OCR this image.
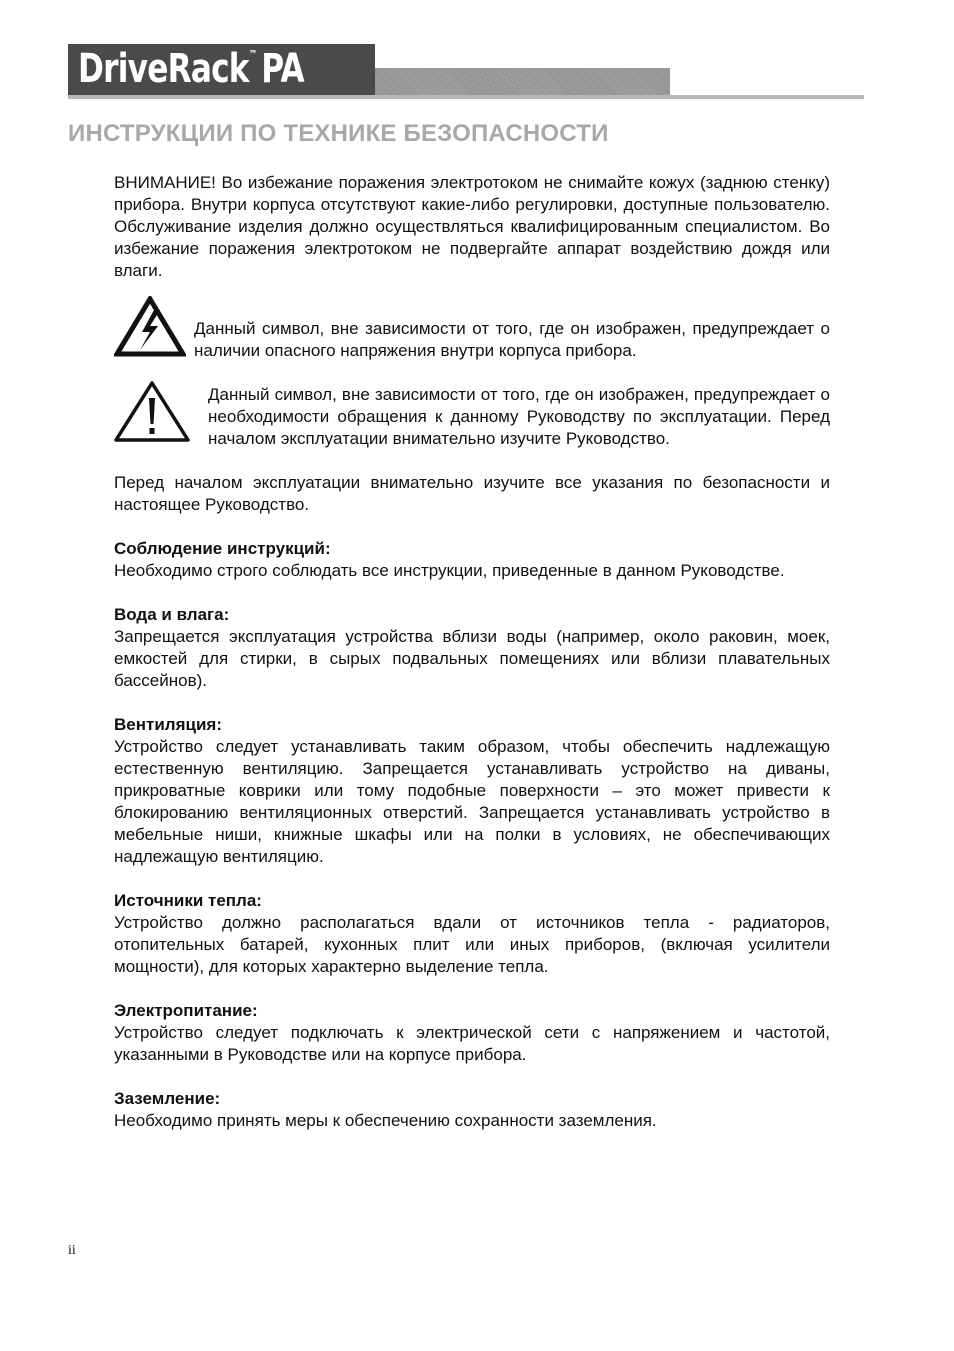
DriveRack™ PA
ИНСТРУКЦИИ ПО ТЕХНИКЕ БЕЗОПАСНОСТИ

ВНИМАНИЕ! Во избежание поражения электротоком не снимайте кожух (заднюю стенку) прибора. Внутри корпуса отсутствуют какие-либо регулировки, доступные пользователю. Обслуживание изделия должно осуществляться квалифицированным специалистом. Во избежание поражения электротоком не подвергайте аппарат воздействию дождя или влаги.

Данный символ, вне зависимости от того, где он изображен, предупреждает о наличии опасного напряжения внутри корпуса прибора.

Данный символ, вне зависимости от того, где он изображен, предупреждает о необходимости обращения к данному Руководству по эксплуатации. Перед началом эксплуатации внимательно изучите Руководство.

Перед началом эксплуатации внимательно изучите все указания по безопасности и настоящее Руководство.

Соблюдение инструкций:

Необходимо строго соблюдать все инструкции, приведенные в данном Руководстве.

Вода и влага:

Запрещается эксплуатация устройства вблизи воды (например, около раковин, моек, емкостей для стирки, в сырых подвальных помещениях или вблизи плавательных бассейнов).

Вентиляция:

Устройство следует устанавливать таким образом, чтобы обеспечить надлежащую естественную вентиляцию. Запрещается устанавливать устройство на диваны, прикроватные коврики или тому подобные поверхности – это может привести к блокированию вентиляционных отверстий. Запрещается устанавливать устройство в мебельные ниши, книжные шкафы или на полки в условиях, не обеспечивающих надлежащую вентиляцию.

Источники тепла:

Устройство должно располагаться вдали от источников тепла - радиаторов, отопительных батарей, кухонных плит или иных приборов, (включая усилители мощности), для которых характерно выделение тепла.

Электропитание:

Устройство следует подключать к электрической сети с напряжением и частотой, указанными в Руководстве или на корпусе прибора.

Заземление:

Необходимо принять меры к обеспечению сохранности заземления.

ii
